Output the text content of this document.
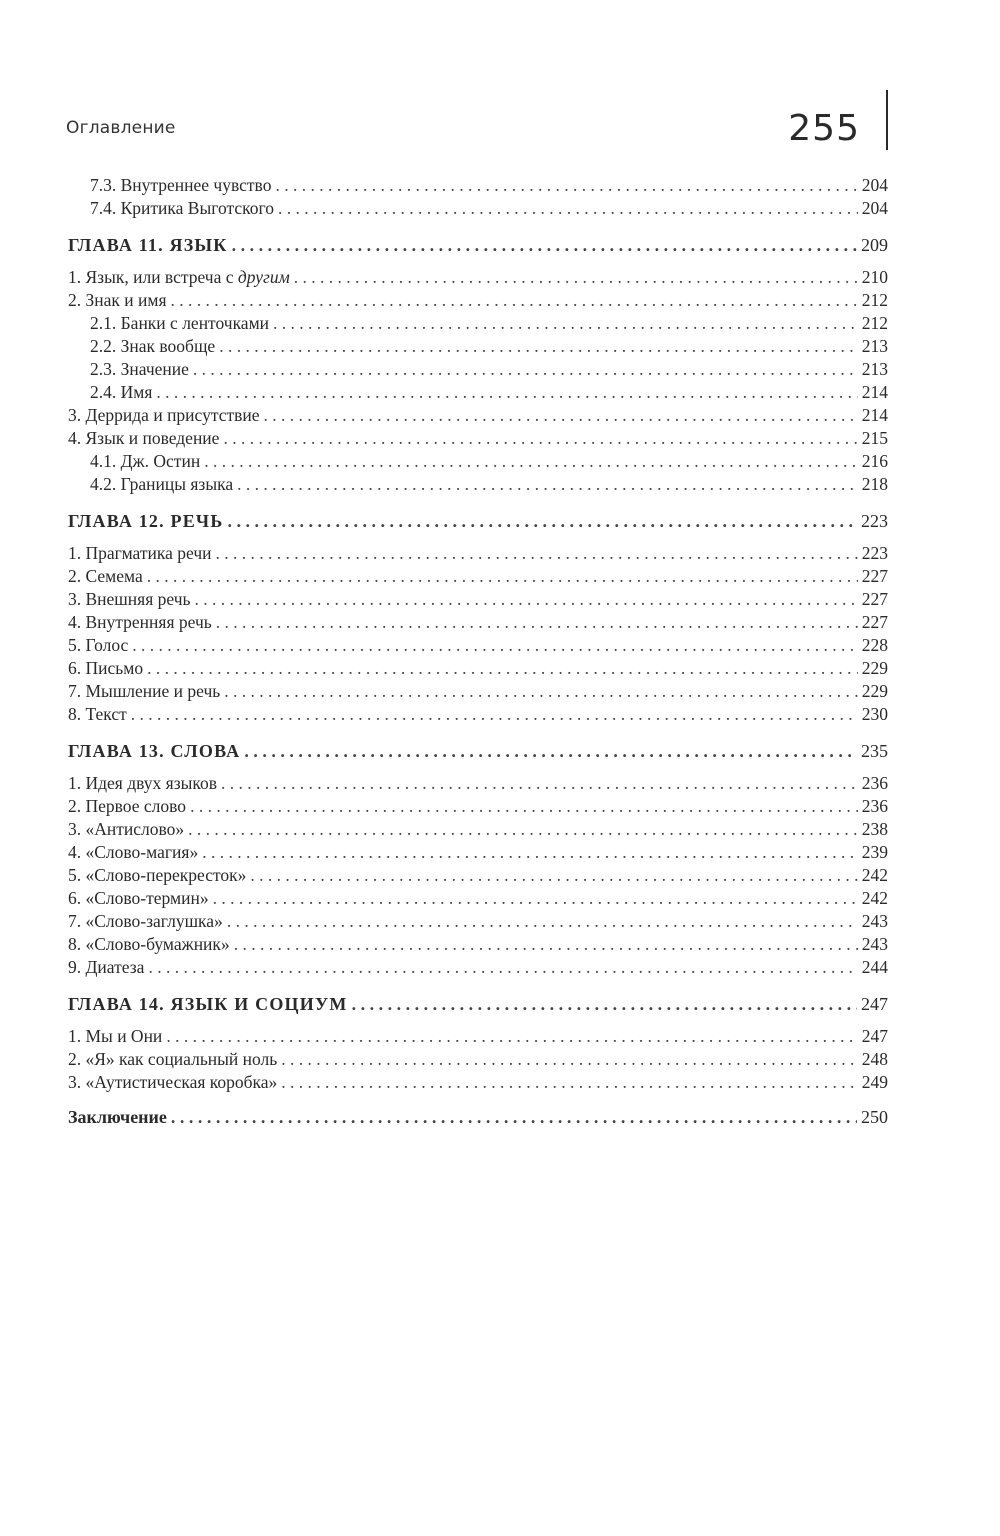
Оглавление	255
7.3. Внутреннее чувство . . .	204
7.4. Критика Выготского . . .	204
ГЛАВА 11. ЯЗЫК . . .	209
1. Язык, или встреча с другим . . .	210
2. Знак и имя . . .	212
2.1. Банки с ленточками . . .	212
2.2. Знак вообще . . .	213
2.3. Значение . . .	213
2.4. Имя . . .	214
3. Деррида и присутствие . . .	214
4. Язык и поведение . . .	215
4.1. Дж. Остин . . .	216
4.2. Границы языка . . .	218
ГЛАВА 12. РЕЧЬ . . .	223
1. Прагматика речи . . .	223
2. Семема . . .	227
3. Внешняя речь . . .	227
4. Внутренняя речь . . .	227
5. Голос . . .	228
6. Письмо . . .	229
7. Мышление и речь . . .	229
8. Текст . . .	230
ГЛАВА 13. СЛОВА . . .	235
1. Идея двух языков . . .	236
2. Первое слово . . .	236
3. «Антислово» . . .	238
4. «Слово-магия» . . .	239
5. «Слово-перекресток» . . .	242
6. «Слово-термин» . . .	242
7. «Слово-заглушка» . . .	243
8. «Слово-бумажник» . . .	243
9. Диатеза . . .	244
ГЛАВА 14. ЯЗЫК И СОЦИУМ . . .	247
1. Мы и Они . . .	247
2. «Я» как социальный ноль . . .	248
3. «Аутистическая коробка» . . .	249
Заключение . . .	250
